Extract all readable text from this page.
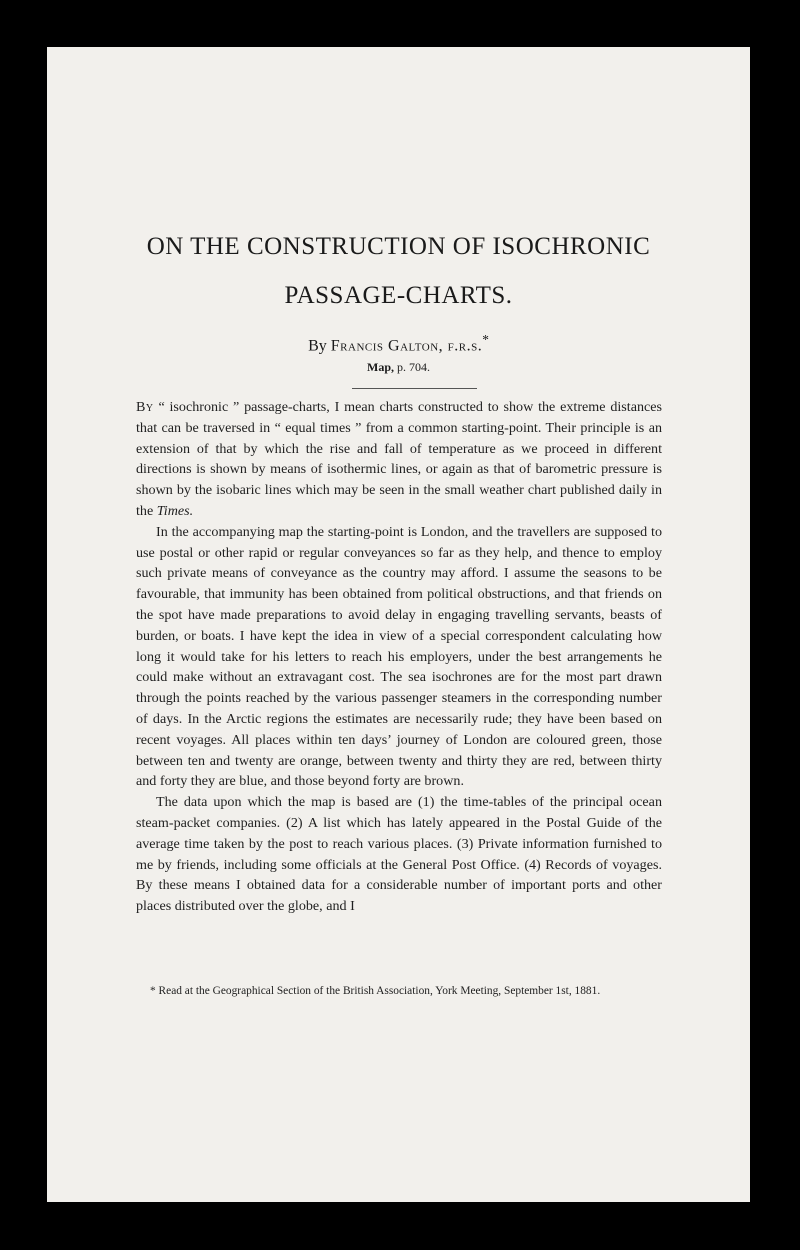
ON THE CONSTRUCTION OF ISOCHRONIC
PASSAGE-CHARTS.
By Francis Galton, f.r.s.*
Map, p. 704.

By “ isochronic ” passage-charts, I mean charts constructed to show the extreme distances that can be traversed in “ equal times ” from a common starting-point. Their principle is an extension of that by which the rise and fall of temperature as we proceed in different directions is shown by means of isothermic lines, or again as that of barometric pressure is shown by the isobaric lines which may be seen in the small weather chart published daily in the Times.

In the accompanying map the starting-point is London, and the travellers are supposed to use postal or other rapid or regular conveyances so far as they help, and thence to employ such private means of conveyance as the country may afford. I assume the seasons to be favourable, that immunity has been obtained from political obstructions, and that friends on the spot have made preparations to avoid delay in engaging travelling servants, beasts of burden, or boats. I have kept the idea in view of a special correspondent calculating how long it would take for his letters to reach his employers, under the best arrangements he could make without an extravagant cost. The sea isochrones are for the most part drawn through the points reached by the various passenger steamers in the corresponding number of days. In the Arctic regions the estimates are necessarily rude; they have been based on recent voyages. All places within ten days’ journey of London are coloured green, those between ten and twenty are orange, between twenty and thirty they are red, between thirty and forty they are blue, and those beyond forty are brown.

The data upon which the map is based are (1) the time-tables of the principal ocean steam-packet companies. (2) A list which has lately appeared in the Postal Guide of the average time taken by the post to reach various places. (3) Private information furnished to me by friends, including some officials at the General Post Office. (4) Records of voyages. By these means I obtained data for a considerable number of important ports and other places distributed over the globe, and I

* Read at the Geographical Section of the British Association, York Meeting, September 1st, 1881.
